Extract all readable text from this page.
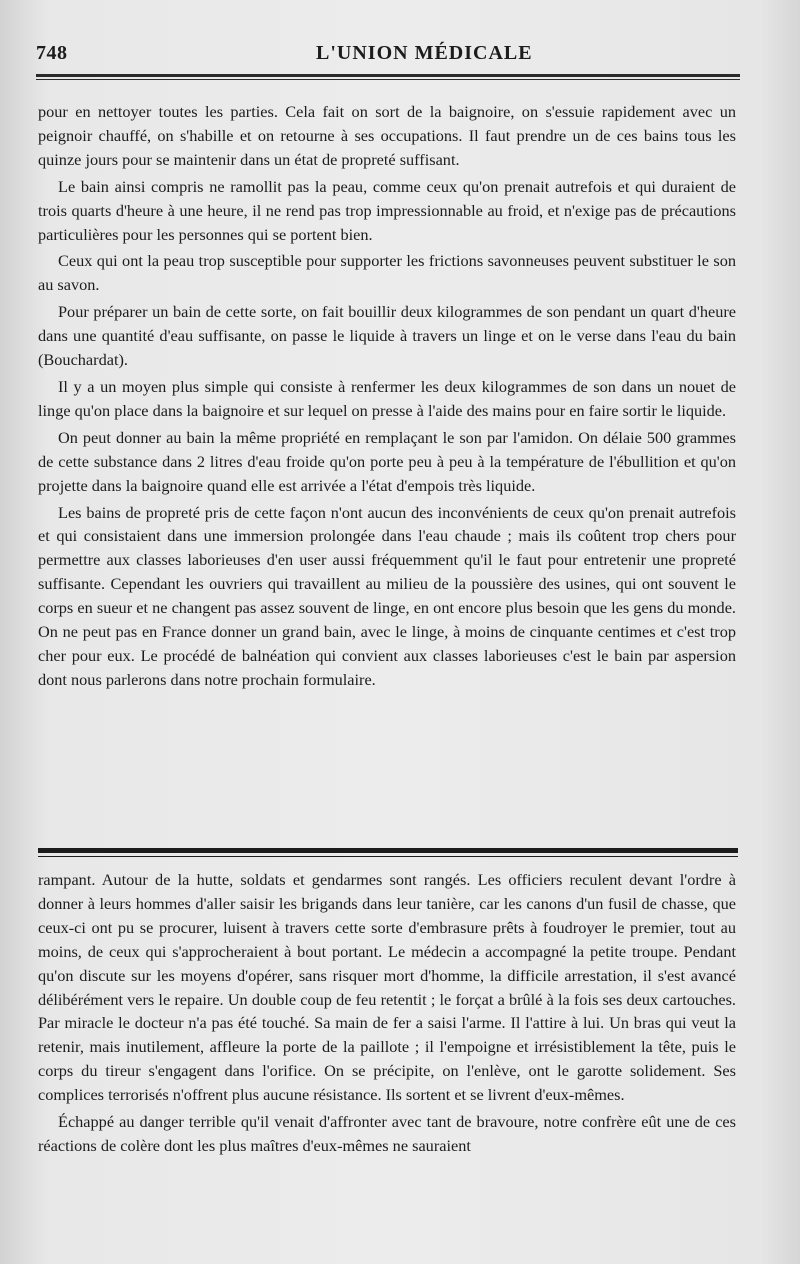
748	L'UNION MÉDICALE

pour en nettoyer toutes les parties. Cela fait on sort de la baignoire, on s'essuie rapidement avec un peignoir chauffé, on s'habille et on retourne à ses occupations. Il faut prendre un de ces bains tous les quinze jours pour se maintenir dans un état de propreté suffisant.

Le bain ainsi compris ne ramollit pas la peau, comme ceux qu'on prenait autrefois et qui duraient de trois quarts d'heure à une heure, il ne rend pas trop impressionnable au froid, et n'exige pas de précautions particulières pour les personnes qui se portent bien.

Ceux qui ont la peau trop susceptible pour supporter les frictions savonneuses peuvent substituer le son au savon.

Pour préparer un bain de cette sorte, on fait bouillir deux kilogrammes de son pendant un quart d'heure dans une quantité d'eau suffisante, on passe le liquide à travers un linge et on le verse dans l'eau du bain (Bouchardat).

Il y a un moyen plus simple qui consiste à renfermer les deux kilogrammes de son dans un nouet de linge qu'on place dans la baignoire et sur lequel on presse à l'aide des mains pour en faire sortir le liquide.

On peut donner au bain la même propriété en remplaçant le son par l'amidon. On délaie 500 grammes de cette substance dans 2 litres d'eau froide qu'on porte peu à peu à la température de l'ébullition et qu'on projette dans la baignoire quand elle est arrivée a l'état d'empois très liquide.

Les bains de propreté pris de cette façon n'ont aucun des inconvénients de ceux qu'on prenait autrefois et qui consistaient dans une immersion prolongée dans l'eau chaude ; mais ils coûtent trop chers pour permettre aux classes laborieuses d'en user aussi fréquemment qu'il le faut pour entretenir une propreté suffisante. Cependant les ouvriers qui travaillent au milieu de la poussière des usines, qui ont souvent le corps en sueur et ne changent pas assez souvent de linge, en ont encore plus besoin que les gens du monde. On ne peut pas en France donner un grand bain, avec le linge, à moins de cinquante centimes et c'est trop cher pour eux. Le procédé de balnéation qui convient aux classes laborieuses c'est le bain par aspersion dont nous parlerons dans notre prochain formulaire.

rampant. Autour de la hutte, soldats et gendarmes sont rangés. Les officiers reculent devant l'ordre à donner à leurs hommes d'aller saisir les brigands dans leur tanière, car les canons d'un fusil de chasse, que ceux-ci ont pu se procurer, luisent à travers cette sorte d'embrasure prêts à foudroyer le premier, tout au moins, de ceux qui s'approcheraient à bout portant. Le médecin a accompagné la petite troupe. Pendant qu'on discute sur les moyens d'opérer, sans risquer mort d'homme, la difficile arrestation, il s'est avancé délibérément vers le repaire. Un double coup de feu retentit ; le forçat a brûlé à la fois ses deux cartouches. Par miracle le docteur n'a pas été touché. Sa main de fer a saisi l'arme. Il l'attire à lui. Un bras qui veut la retenir, mais inutilement, affleure la porte de la paillote ; il l'empoigne et irrésistiblement la tête, puis le corps du tireur s'engagent dans l'orifice. On se précipite, on l'enlève, ont le garotte solidement. Ses complices terrorisés n'offrent plus aucune résistance. Ils sortent et se livrent d'eux-mêmes.

Échappé au danger terrible qu'il venait d'affronter avec tant de bravoure, notre confrère eût une de ces réactions de colère dont les plus maîtres d'eux-mêmes ne sauraient
